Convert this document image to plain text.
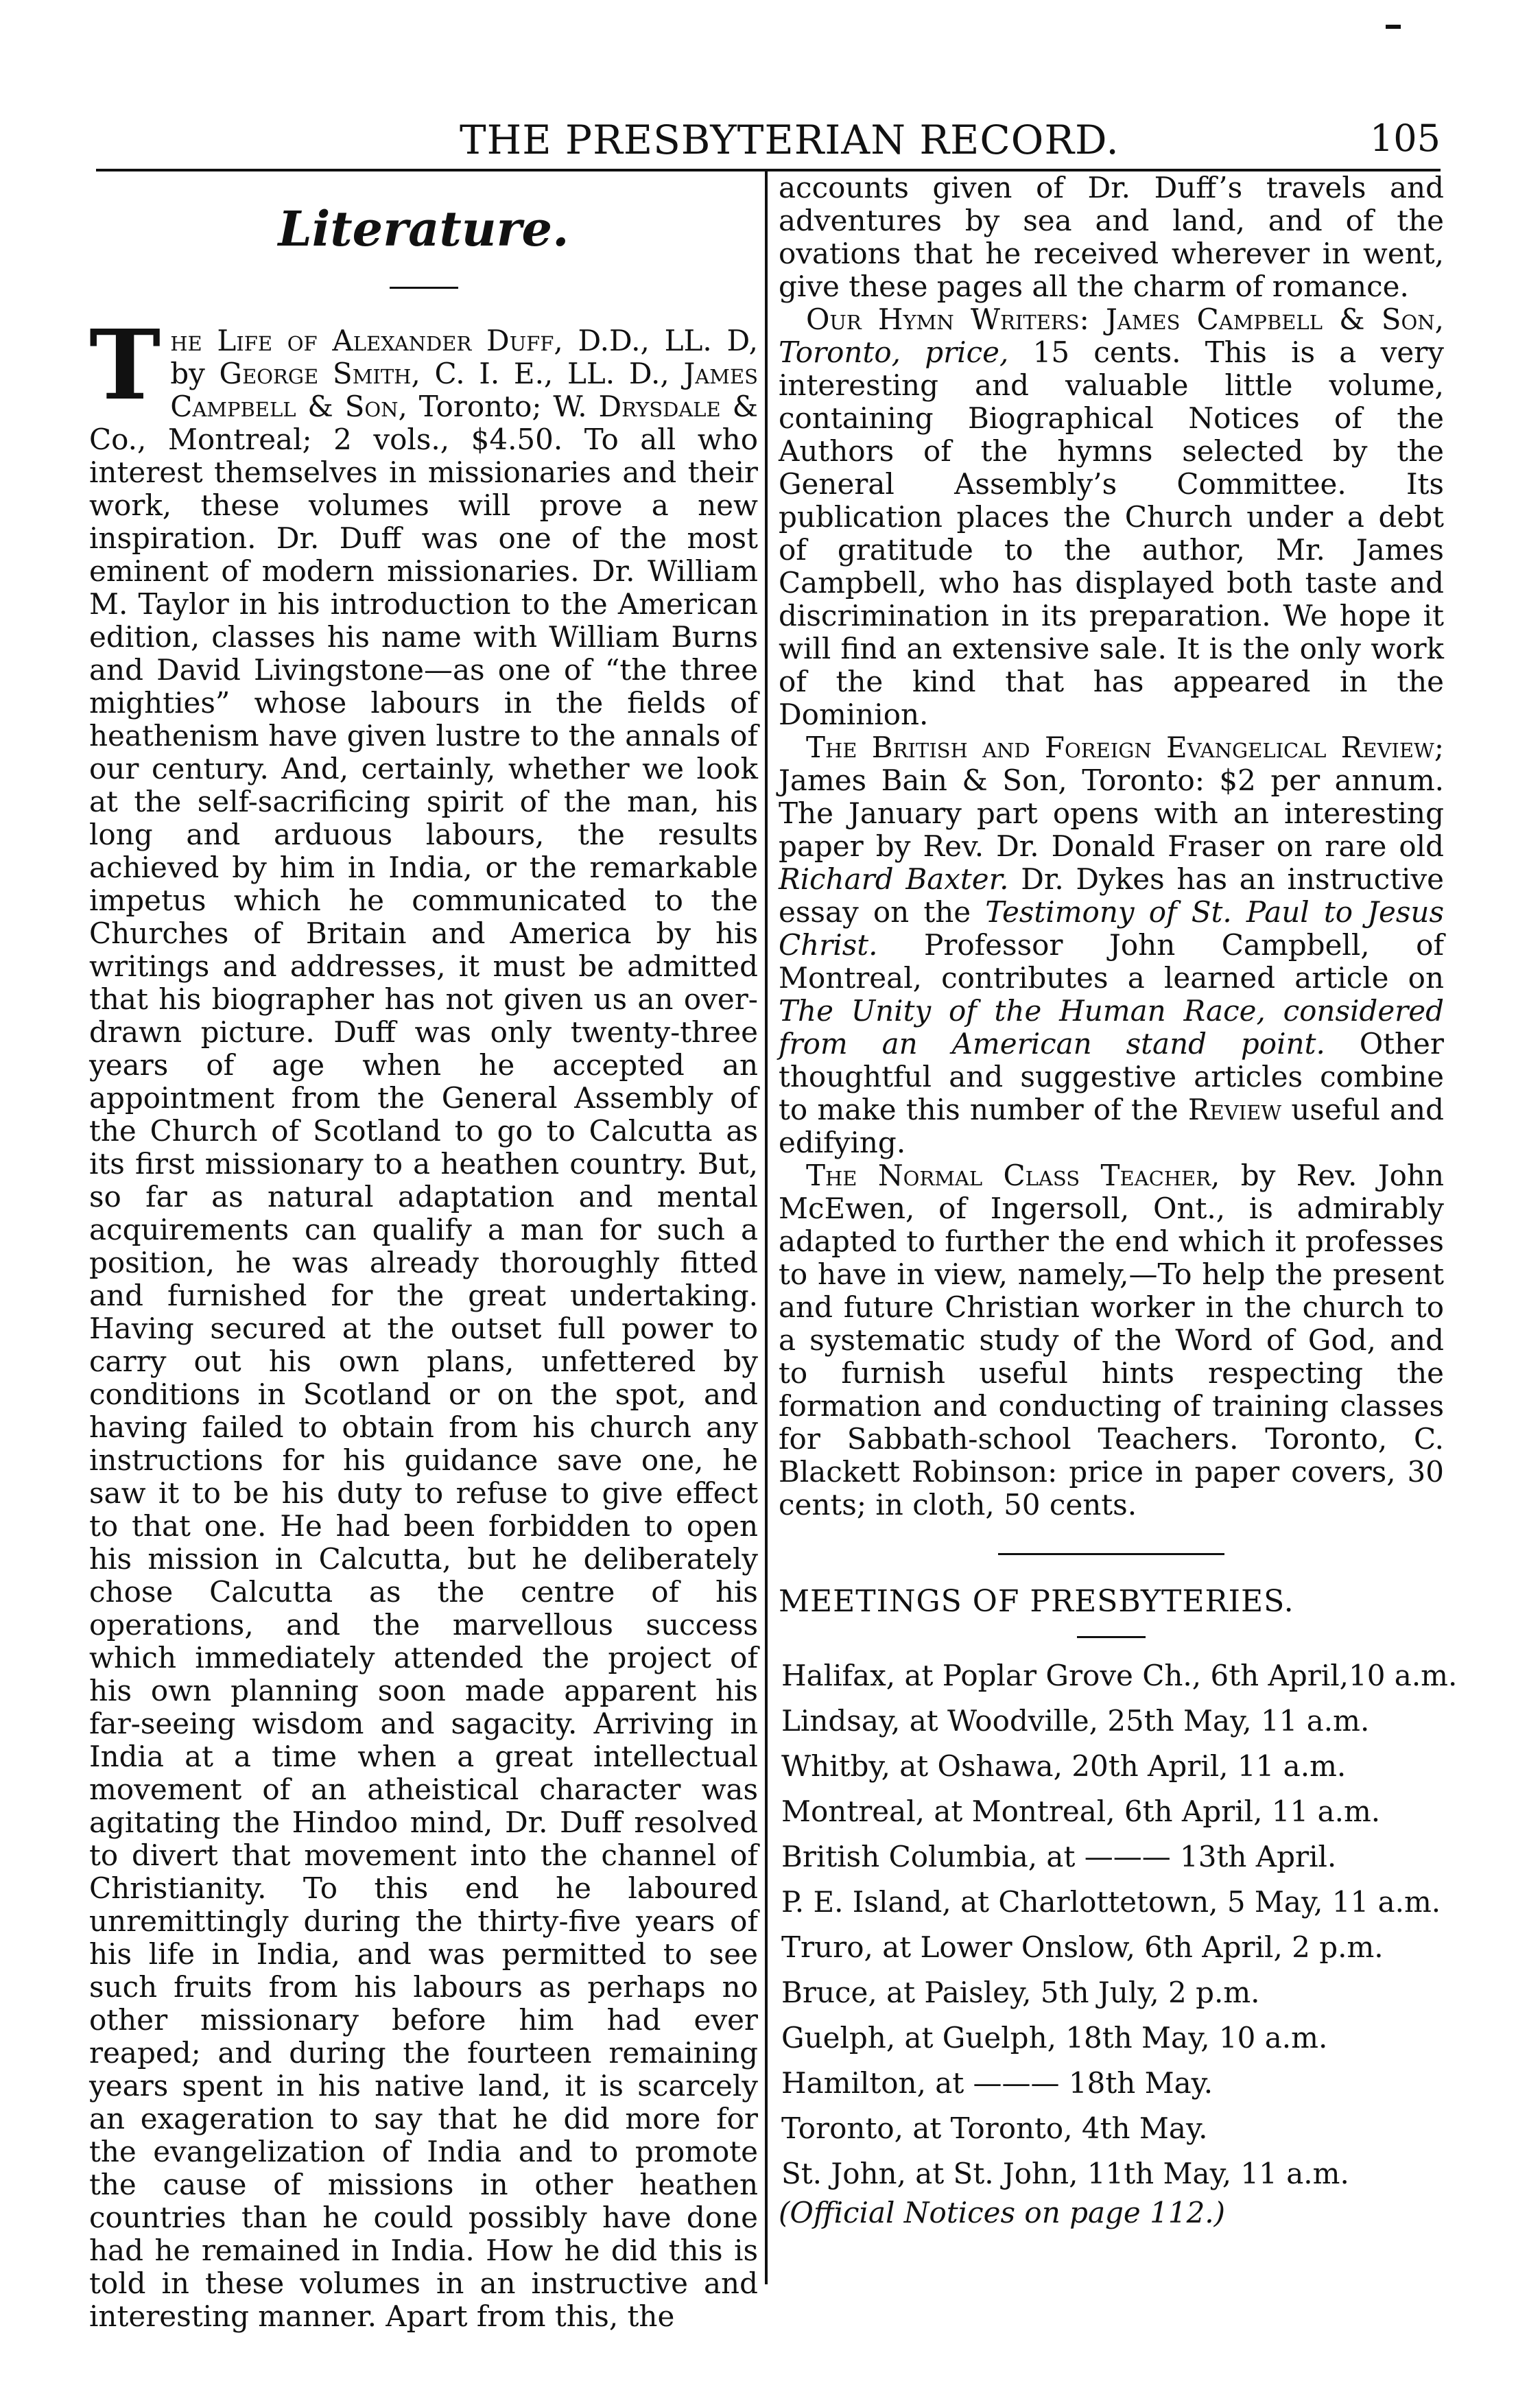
THE PRESBYTERIAN RECORD.	105
Literature.

The Life of Alexander Duff, D.D., LL. D, by George Smith, C. I. E., LL. D., James Campbell & Son, Toronto; W. Drysdale & Co., Montreal; 2 vols., $4.50. To all who interest themselves in missionaries and their work, these volumes will prove a new inspiration. Dr. Duff was one of the most eminent of modern missionaries. Dr. William M. Taylor in his introduction to the American edition, classes his name with William Burns and David Livingstone—as one of “the three mighties” whose labours in the fields of heathenism have given lustre to the annals of our century. And, certainly, whether we look at the self-sacrificing spirit of the man, his long and arduous labours, the results achieved by him in India, or the remarkable impetus which he communicated to the Churches of Britain and America by his writings and addresses, it must be admitted that his biographer has not given us an over-drawn picture. Duff was only twenty-three years of age when he accepted an appointment from the General Assembly of the Church of Scotland to go to Calcutta as its first missionary to a heathen country. But, so far as natural adaptation and mental acquirements can qualify a man for such a position, he was already thoroughly fitted and furnished for the great undertaking. Having secured at the outset full power to carry out his own plans, unfettered by conditions in Scotland or on the spot, and having failed to obtain from his church any instructions for his guidance save one, he saw it to be his duty to refuse to give effect to that one. He had been forbidden to open his mission in Calcutta, but he deliberately chose Calcutta as the centre of his operations, and the marvellous success which immediately attended the project of his own planning soon made apparent his far-seeing wisdom and sagacity. Arriving in India at a time when a great intellectual movement of an atheistical character was agitating the Hindoo mind, Dr. Duff resolved to divert that movement into the channel of Christianity. To this end he laboured unremittingly during the thirty-five years of his life in India, and was permitted to see such fruits from his labours as perhaps no other missionary before him had ever reaped; and during the fourteen remaining years spent in his native land, it is scarcely an exageration to say that he did more for the evangelization of India and to promote the cause of missions in other heathen countries than he could possibly have done had he remained in India. How he did this is told in these volumes in an instructive and interesting manner. Apart from this, the

accounts given of Dr. Duff’s travels and adventures by sea and land, and of the ovations that he received wherever in went, give these pages all the charm of romance.

Our Hymn Writers: James Campbell & Son, Toronto, price, 15 cents. This is a very interesting and valuable little volume, containing Biographical Notices of the Authors of the hymns selected by the General Assembly’s Committee. Its publication places the Church under a debt of gratitude to the author, Mr. James Campbell, who has displayed both taste and discrimination in its preparation. We hope it will find an extensive sale. It is the only work of the kind that has appeared in the Dominion.

The British and Foreign Evangelical Review; James Bain & Son, Toronto: $2 per annum. The January part opens with an interesting paper by Rev. Dr. Donald Fraser on rare old Richard Baxter. Dr. Dykes has an instructive essay on the Testimony of St. Paul to Jesus Christ. Professor John Campbell, of Montreal, contributes a learned article on The Unity of the Human Race, considered from an American stand point. Other thoughtful and suggestive articles combine to make this number of the Review useful and edifying.

The Normal Class Teacher, by Rev. John McEwen, of Ingersoll, Ont., is admirably adapted to further the end which it professes to have in view, namely,—To help the present and future Christian worker in the church to a systematic study of the Word of God, and to furnish useful hints respecting the formation and conducting of training classes for Sabbath-school Teachers. Toronto, C. Blackett Robinson: price in paper covers, 30 cents; in cloth, 50 cents.

MEETINGS OF PRESBYTERIES.

Halifax, at Poplar Grove Ch., 6th April,10 a.m.
Lindsay, at Woodville, 25th May, 11 a.m.
Whitby, at Oshawa, 20th April, 11 a.m.
Montreal, at Montreal, 6th April, 11 a.m.
British Columbia, at ——— 13th April.
P. E. Island, at Charlottetown, 5 May, 11 a.m.
Truro, at Lower Onslow, 6th April, 2 p.m.
Bruce, at Paisley, 5th July, 2 p.m.
Guelph, at Guelph, 18th May, 10 a.m.
Hamilton, at ——— 18th May.
Toronto, at Toronto, 4th May.
St. John, at St. John, 11th May, 11 a.m.

(Official Notices on page 112.)
